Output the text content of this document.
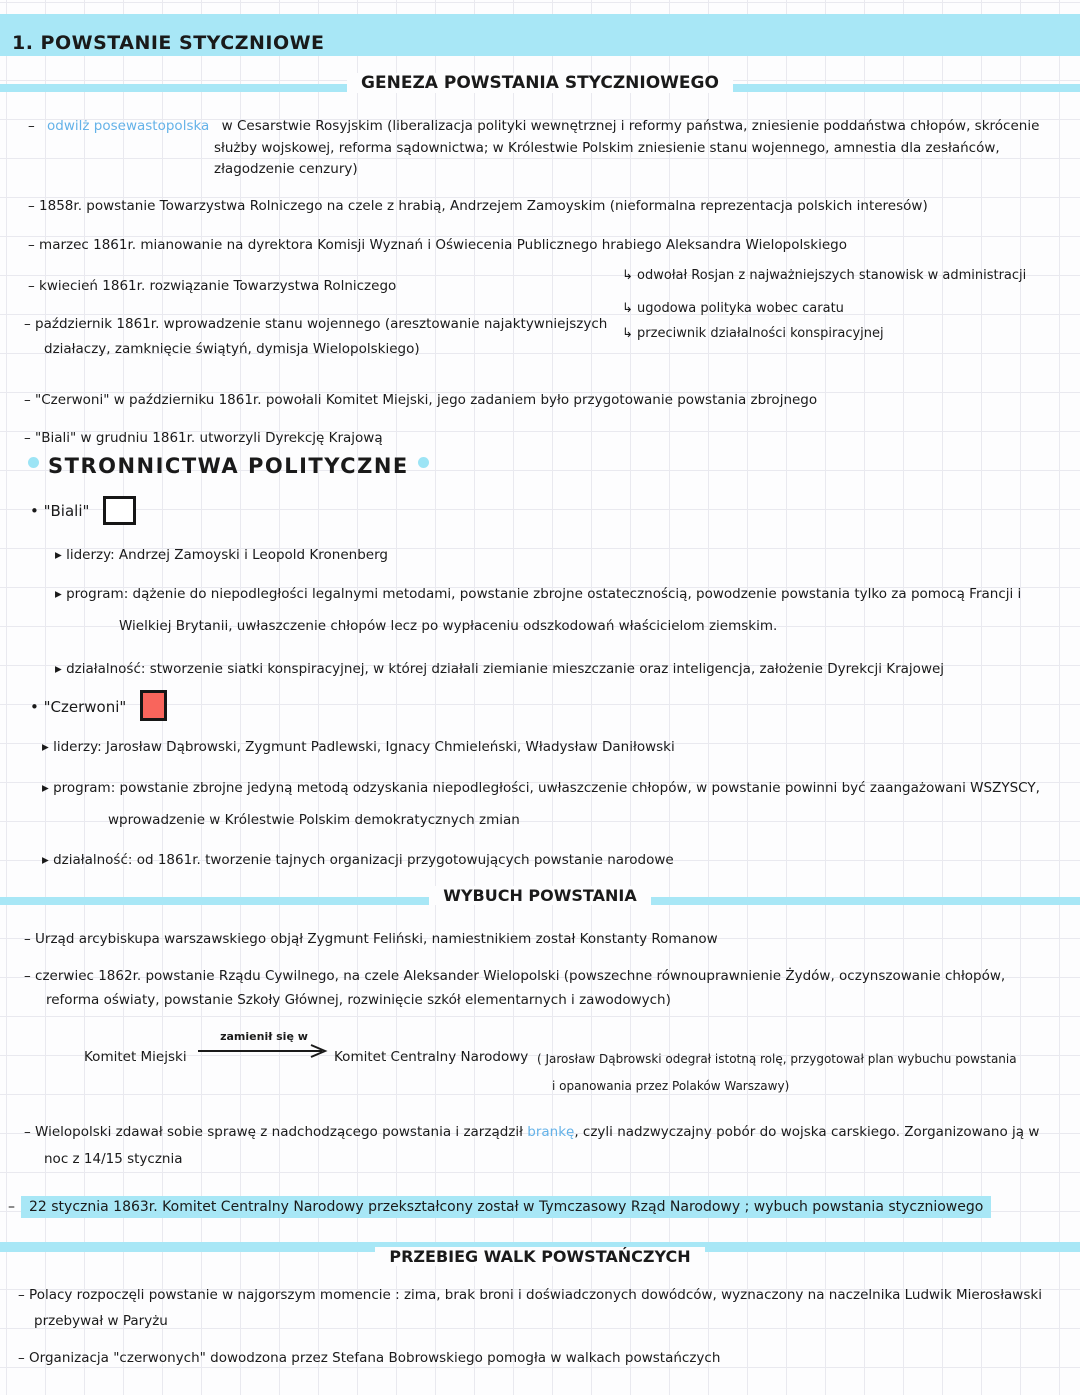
1. POWSTANIE STYCZNIOWE
GENEZA POWSTANIA STYCZNIOWEGO
– odwilż posewastopolska w Cesarstwie Rosyjskim (liberalizacja polityki wewnętrznej i reformy państwa, zniesienie poddaństwa chłopów, skrócenie służby wojskowej, reforma sądownictwa; w Królestwie Polskim zniesienie stanu wojennego, amnestia dla zesłańców, złagodzenie cenzury)
– 1858r. powstanie Towarzystwa Rolniczego na czele z hrabią, Andrzejem Zamoyskim (nieformalna reprezentacja polskich interesów)
– marzec 1861r. mianowanie na dyrektora Komisji Wyznań i Oświecenia Publicznego hrabiego Aleksandra Wielopolskiego
– kwiecień 1861r. rozwiązanie Towarzystwa Rolniczego
– październik 1861r. wprowadzenie stanu wojennego (aresztowanie najaktywniejszych działaczy, zamknięcie świątyń, dymisja Wielopolskiego)
↳ odwołał Rosjan z najważniejszych stanowisk w administracji
↳ ugodowa polityka wobec caratu
↳ przeciwnik działalności konspiracyjnej
– "Czerwoni" w październiku 1861r. powołali Komitet Miejski, jego zadaniem było przygotowanie powstania zbrojnego
– "Biali" w grudniu 1861r. utworzyli Dyrekcję Krajową
STRONNICTWA POLITYCZNE
• "Biali"
▸ liderzy: Andrzej Zamoyski i Leopold Kronenberg
▸ program: dążenie do niepodległości legalnymi metodami, powstanie zbrojne ostatecznością, powodzenie powstania tylko za pomocą Francji i Wielkiej Brytanii, uwłaszczenie chłopów lecz po wypłaceniu odszkodowań właścicielom ziemskim.
▸ działalność: stworzenie siatki konspiracyjnej, w której działali ziemianie mieszczanie oraz inteligencja, założenie Dyrekcji Krajowej
• "Czerwoni"
▸ liderzy: Jarosław Dąbrowski, Zygmunt Padlewski, Ignacy Chmieleński, Władysław Daniłowski
▸ program: powstanie zbrojne jedyną metodą odzyskania niepodległości, uwłaszczenie chłopów, w powstanie powinni być zaangażowani WSZYSCY, wprowadzenie w Królestwie Polskim demokratycznych zmian
▸ działalność: od 1861r. tworzenie tajnych organizacji przygotowujących powstanie narodowe
WYBUCH POWSTANIA
– Urząd arcybiskupa warszawskiego objął Zygmunt Feliński, namiestnikiem został Konstanty Romanow
– czerwiec 1862r. powstanie Rządu Cywilnego, na czele Aleksander Wielopolski (powszechne równouprawnienie Żydów, oczynszowanie chłopów, reforma oświaty, powstanie Szkoły Głównej, rozwinięcie szkół elementarnych i zawodowych)
Komitet Miejski
zamienił się w
Komitet Centralny Narodowy ( Jarosław Dąbrowski odegrał istotną rolę, przygotował plan wybuchu powstania
i opanowania przez Polaków Warszawy)
– Wielopolski zdawał sobie sprawę z nadchodzącego powstania i zarządził brankę, czyli nadzwyczajny pobór do wojska carskiego. Zorganizowano ją w noc z 14/15 stycznia
– 22 stycznia 1863r. Komitet Centralny Narodowy przekształcony został w Tymczasowy Rząd Narodowy ; wybuch powstania styczniowego
PRZEBIEG WALK POWSTAŃCZYCH
– Polacy rozpoczęli powstanie w najgorszym momencie : zima, brak broni i doświadczonych dowódców, wyznaczony na naczelnika Ludwik Mierosławski przebywał w Paryżu
– Organizacja "czerwonych" dowodzona przez Stefana Bobrowskiego pomogła w walkach powstańczych
